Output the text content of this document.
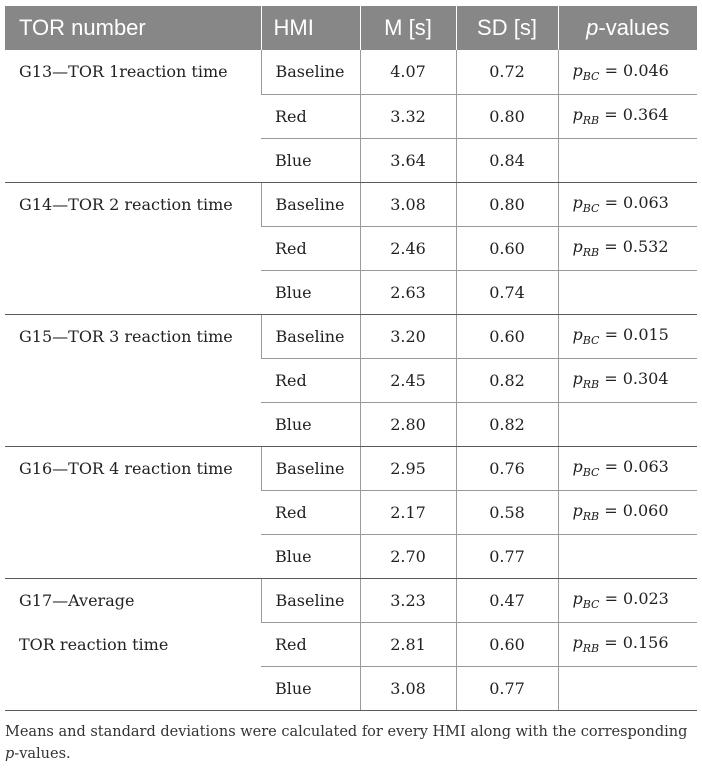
TOR number	HMI	M [s]	SD [s]	p-values

G13—TOR 1reaction time	Baseline	4.07	0.72	$p_{BC} = 0.046$
	Red	3.32	0.80	$p_{RB} = 0.364$
	Blue	3.64	0.84	

G14—TOR 2 reaction time	Baseline	3.08	0.80	$p_{BC} = 0.063$
	Red	2.46	0.60	$p_{RB} = 0.532$
	Blue	2.63	0.74	

G15—TOR 3 reaction time	Baseline	3.20	0.60	$p_{BC} = 0.015$
	Red	2.45	0.82	$p_{RB} = 0.304$
	Blue	2.80	0.82	

G16—TOR 4 reaction time	Baseline	2.95	0.76	$p_{BC} = 0.063$
	Red	2.17	0.58	$p_{RB} = 0.060$
	Blue	2.70	0.77	

G17—Average
TOR reaction time	Baseline	3.23	0.47	$p_{BC} = 0.023$
	Red	2.81	0.60	$p_{RB} = 0.156$
	Blue	3.08	0.77	

Means and standard deviations were calculated for every HMI along with the corresponding
p-values.
